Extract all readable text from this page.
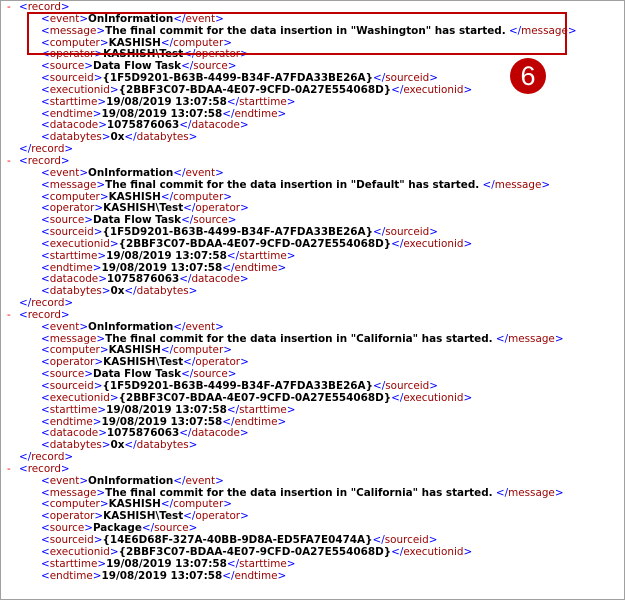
- <record>
<event>OnInformation</event>
<message>The final commit for the data insertion in "Washington" has started. </message>
<computer>KASHISH</computer>
<operator>KASHISH\Test</operator>
<source>Data Flow Task</source>
<sourceid>{1F5D9201-B63B-4499-B34F-A7FDA33BE26A}</sourceid>
<executionid>{2BBF3C07-BDAA-4E07-9CFD-0A27E554068D}</executionid>
<starttime>19/08/2019 13:07:58</starttime>
<endtime>19/08/2019 13:07:58</endtime>
<datacode>1075876063</datacode>
<databytes>0x</databytes>
</record>
- <record>
<event>OnInformation</event>
<message>The final commit for the data insertion in "Default" has started. </message>
<computer>KASHISH</computer>
<operator>KASHISH\Test</operator>
<source>Data Flow Task</source>
<sourceid>{1F5D9201-B63B-4499-B34F-A7FDA33BE26A}</sourceid>
<executionid>{2BBF3C07-BDAA-4E07-9CFD-0A27E554068D}</executionid>
<starttime>19/08/2019 13:07:58</starttime>
<endtime>19/08/2019 13:07:58</endtime>
<datacode>1075876063</datacode>
<databytes>0x</databytes>
</record>
- <record>
<event>OnInformation</event>
<message>The final commit for the data insertion in "California" has started. </message>
<computer>KASHISH</computer>
<operator>KASHISH\Test</operator>
<source>Data Flow Task</source>
<sourceid>{1F5D9201-B63B-4499-B34F-A7FDA33BE26A}</sourceid>
<executionid>{2BBF3C07-BDAA-4E07-9CFD-0A27E554068D}</executionid>
<starttime>19/08/2019 13:07:58</starttime>
<endtime>19/08/2019 13:07:58</endtime>
<datacode>1075876063</datacode>
<databytes>0x</databytes>
</record>
- <record>
<event>OnInformation</event>
<message>The final commit for the data insertion in "California" has started. </message>
<computer>KASHISH</computer>
<operator>KASHISH\Test</operator>
<source>Package</source>
<sourceid>{14E6D68F-327A-40BB-9D8A-ED5FA7E0474A}</sourceid>
<executionid>{2BBF3C07-BDAA-4E07-9CFD-0A27E554068D}</executionid>
<starttime>19/08/2019 13:07:58</starttime>
<endtime>19/08/2019 13:07:58</endtime>
6
